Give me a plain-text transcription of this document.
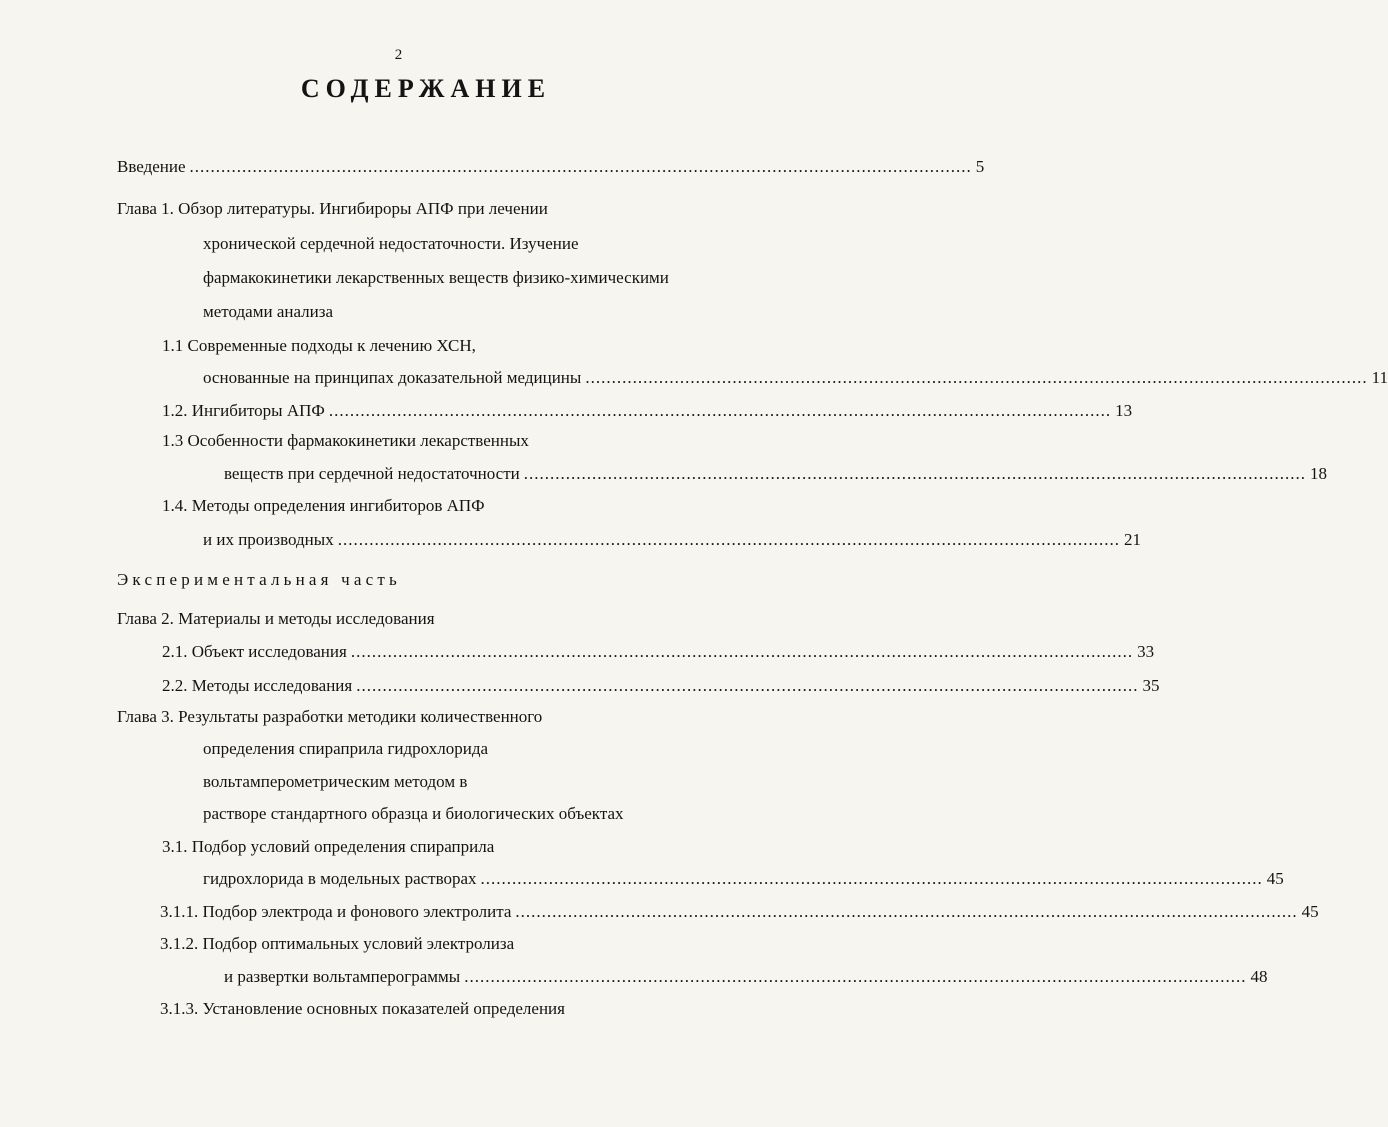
2
СОДЕРЖАНИЕ
Введение ..................................................................................................................................................... 5
Глава 1. Обзор литературы. Ингибироры АПФ при лечении
хронической сердечной недостаточности. Изучение
фармакокинетики лекарственных веществ физико-химическими
методами анализа
1.1 Современные подходы к лечению ХСН,
основанные на принципах доказательной медицины ..................................................................................................................................................... 11
1.2. Ингибиторы АПФ ..................................................................................................................................................... 13
1.3 Особенности фармакокинетики лекарственных
веществ при сердечной недостаточности ..................................................................................................................................................... 18
1.4. Методы определения ингибиторов АПФ
и их производных ..................................................................................................................................................... 21
Экспериментальная часть
Глава 2. Материалы и методы исследования
2.1. Объект исследования ..................................................................................................................................................... 33
2.2. Методы исследования ..................................................................................................................................................... 35
Глава 3. Результаты разработки методики количественного
определения спираприла гидрохлорида
вольтамперометрическим методом в
растворе стандартного образца и биологических объектах
3.1. Подбор условий определения спираприла
гидрохлорида в модельных растворах ..................................................................................................................................................... 45
3.1.1. Подбор электрода и фонового электролита ..................................................................................................................................................... 45
3.1.2. Подбор оптимальных условий электролиза
и развертки вольтамперограммы ..................................................................................................................................................... 48
3.1.3. Установление основных показателей определения
